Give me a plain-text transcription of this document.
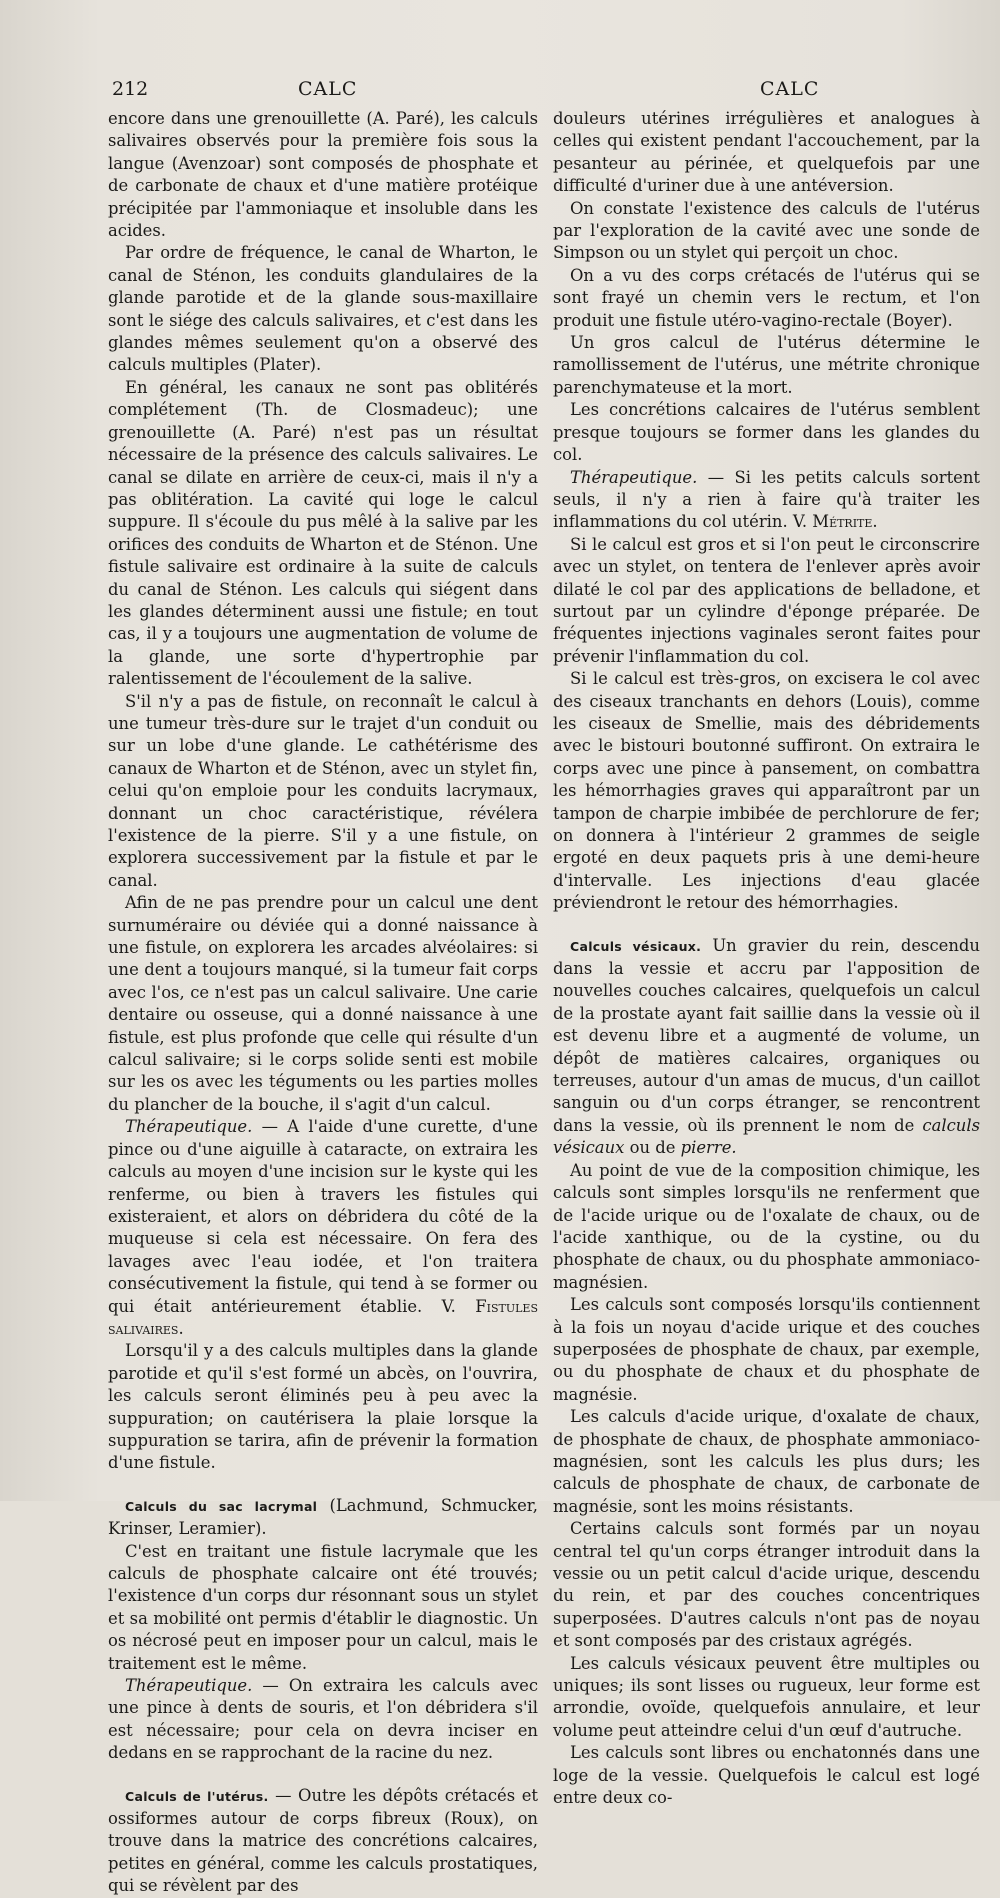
212	CALC	CALC

encore dans une grenouillette (A. Paré), les calculs salivaires observés pour la première fois sous la langue (Avenzoar) sont composés de phosphate et de carbonate de chaux et d'une matière protéique précipitée par l'ammoniaque et insoluble dans les acides.

Par ordre de fréquence, le canal de Wharton, le canal de Sténon, les conduits glandulaires de la glande parotide et de la glande sous-maxillaire sont le siége des calculs salivaires, et c'est dans les glandes mêmes seulement qu'on a observé des calculs multiples (Plater).

En général, les canaux ne sont pas oblitérés complétement (Th. de Closmadeuc); une grenouillette (A. Paré) n'est pas un résultat nécessaire de la présence des calculs salivaires. Le canal se dilate en arrière de ceux-ci, mais il n'y a pas oblitération. La cavité qui loge le calcul suppure. Il s'écoule du pus mêlé à la salive par les orifices des conduits de Wharton et de Sténon. Une fistule salivaire est ordinaire à la suite de calculs du canal de Sténon. Les calculs qui siégent dans les glandes déterminent aussi une fistule; en tout cas, il y a toujours une augmentation de volume de la glande, une sorte d'hypertrophie par ralentissement de l'écoulement de la salive.

S'il n'y a pas de fistule, on reconnaît le calcul à une tumeur très-dure sur le trajet d'un conduit ou sur un lobe d'une glande. Le cathétérisme des canaux de Wharton et de Sténon, avec un stylet fin, celui qu'on emploie pour les conduits lacrymaux, donnant un choc caractéristique, révélera l'existence de la pierre. S'il y a une fistule, on explorera successivement par la fistule et par le canal.

Afin de ne pas prendre pour un calcul une dent surnuméraire ou déviée qui a donné naissance à une fistule, on explorera les arcades alvéolaires: si une dent a toujours manqué, si la tumeur fait corps avec l'os, ce n'est pas un calcul salivaire. Une carie dentaire ou osseuse, qui a donné naissance à une fistule, est plus profonde que celle qui résulte d'un calcul salivaire; si le corps solide senti est mobile sur les os avec les téguments ou les parties molles du plancher de la bouche, il s'agit d'un calcul.

Thérapeutique. — A l'aide d'une curette, d'une pince ou d'une aiguille à cataracte, on extraira les calculs au moyen d'une incision sur le kyste qui les renferme, ou bien à travers les fistules qui existeraient, et alors on débridera du côté de la muqueuse si cela est nécessaire. On fera des lavages avec l'eau iodée, et l'on traitera consécutivement la fistule, qui tend à se former ou qui était antérieurement établie. V. Fistules salivaires.

Lorsqu'il y a des calculs multiples dans la glande parotide et qu'il s'est formé un abcès, on l'ouvrira, les calculs seront éliminés peu à peu avec la suppuration; on cautérisera la plaie lorsque la suppuration se tarira, afin de prévenir la formation d'une fistule.

Calculs du sac lacrymal (Lachmund, Schmucker, Krinser, Leramier).

C'est en traitant une fistule lacrymale que les calculs de phosphate calcaire ont été trouvés; l'existence d'un corps dur résonnant sous un stylet et sa mobilité ont permis d'établir le diagnostic. Un os nécrosé peut en imposer pour un calcul, mais le traitement est le même.

Thérapeutique. — On extraira les calculs avec une pince à dents de souris, et l'on débridera s'il est nécessaire; pour cela on devra inciser en dedans en se rapprochant de la racine du nez.

Calculs de l'utérus. — Outre les dépôts crétacés et ossiformes autour de corps fibreux (Roux), on trouve dans la matrice des concrétions calcaires, petites en général, comme les calculs prostatiques, qui se révèlent par des

douleurs utérines irrégulières et analogues à celles qui existent pendant l'accouchement, par la pesanteur au périnée, et quelquefois par une difficulté d'uriner due à une antéversion.

On constate l'existence des calculs de l'utérus par l'exploration de la cavité avec une sonde de Simpson ou un stylet qui perçoit un choc.

On a vu des corps crétacés de l'utérus qui se sont frayé un chemin vers le rectum, et l'on produit une fistule utéro-vagino-rectale (Boyer).

Un gros calcul de l'utérus détermine le ramollissement de l'utérus, une métrite chronique parenchymateuse et la mort.

Les concrétions calcaires de l'utérus semblent presque toujours se former dans les glandes du col.

Thérapeutique. — Si les petits calculs sortent seuls, il n'y a rien à faire qu'à traiter les inflammations du col utérin. V. Métrite.

Si le calcul est gros et si l'on peut le circonscrire avec un stylet, on tentera de l'enlever après avoir dilaté le col par des applications de belladone, et surtout par un cylindre d'éponge préparée. De fréquentes injections vaginales seront faites pour prévenir l'inflammation du col.

Si le calcul est très-gros, on excisera le col avec des ciseaux tranchants en dehors (Louis), comme les ciseaux de Smellie, mais des débridements avec le bistouri boutonné suffiront. On extraira le corps avec une pince à pansement, on combattra les hémorrhagies graves qui apparaîtront par un tampon de charpie imbibée de perchlorure de fer; on donnera à l'intérieur 2 grammes de seigle ergoté en deux paquets pris à une demi-heure d'intervalle. Les injections d'eau glacée préviendront le retour des hémorrhagies.

Calculs vésicaux. Un gravier du rein, descendu dans la vessie et accru par l'apposition de nouvelles couches calcaires, quelquefois un calcul de la prostate ayant fait saillie dans la vessie où il est devenu libre et a augmenté de volume, un dépôt de matières calcaires, organiques ou terreuses, autour d'un amas de mucus, d'un caillot sanguin ou d'un corps étranger, se rencontrent dans la vessie, où ils prennent le nom de calculs vésicaux ou de pierre.

Au point de vue de la composition chimique, les calculs sont simples lorsqu'ils ne renferment que de l'acide urique ou de l'oxalate de chaux, ou de l'acide xanthique, ou de la cystine, ou du phosphate de chaux, ou du phosphate ammoniaco-magnésien.

Les calculs sont composés lorsqu'ils contiennent à la fois un noyau d'acide urique et des couches superposées de phosphate de chaux, par exemple, ou du phosphate de chaux et du phosphate de magnésie.

Les calculs d'acide urique, d'oxalate de chaux, de phosphate de chaux, de phosphate ammoniaco-magnésien, sont les calculs les plus durs; les calculs de phosphate de chaux, de carbonate de magnésie, sont les moins résistants.

Certains calculs sont formés par un noyau central tel qu'un corps étranger introduit dans la vessie ou un petit calcul d'acide urique, descendu du rein, et par des couches concentriques superposées. D'autres calculs n'ont pas de noyau et sont composés par des cristaux agrégés.

Les calculs vésicaux peuvent être multiples ou uniques; ils sont lisses ou rugueux, leur forme est arrondie, ovoïde, quelquefois annulaire, et leur volume peut atteindre celui d'un œuf d'autruche.

Les calculs sont libres ou enchatonnés dans une loge de la vessie. Quelquefois le calcul est logé entre deux co-
